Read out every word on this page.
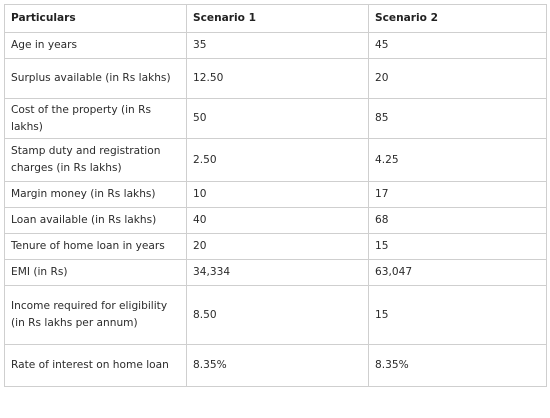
Particulars	Scenario 1	Scenario 2
Age in years	35	45
Surplus available (in Rs lakhs)	12.50	20
Cost of the property (in Rs lakhs)	50	85
Stamp duty and registration charges (in Rs lakhs)	2.50	4.25
Margin money (in Rs lakhs)	10	17
Loan available (in Rs lakhs)	40	68
Tenure of home loan in years	20	15
EMI (in Rs)	34,334	63,047
Income required for eligibility (in Rs lakhs per annum)	8.50	15
Rate of interest on home loan	8.35%	8.35%
